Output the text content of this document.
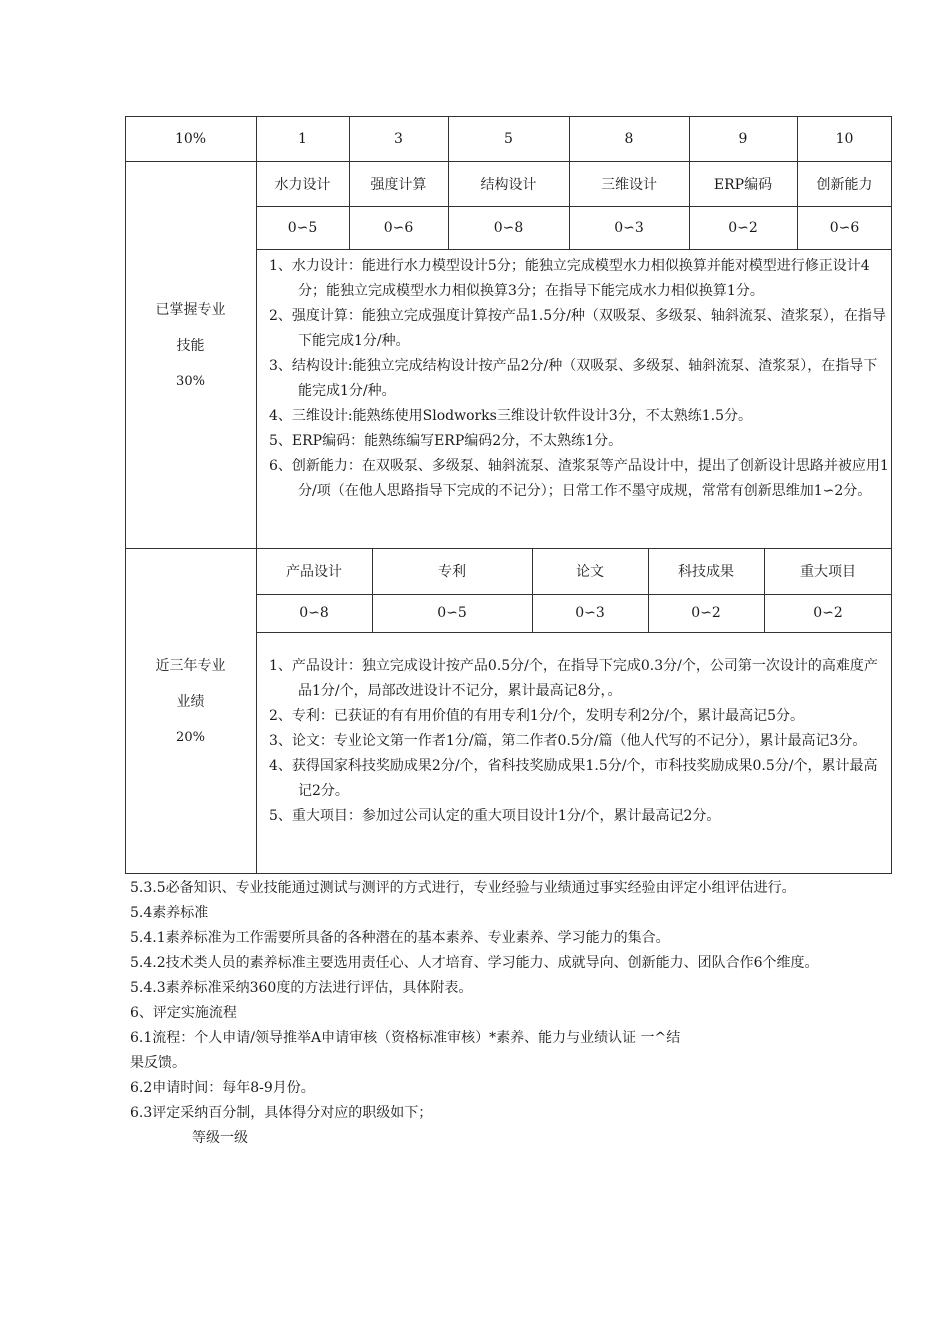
10%	1	3	5	8	9	10
已掌握专业
技能
30%
水力设计	强度计算	结构设计	三维设计	ERP编码	创新能力
0∽5	0∽6	0∽8	0∽3	0∽2	0∽6
1、水力设计：能进行水力模型设计5分；能独立完成模型水力相似换算并能对模型进行修正设计4分；能独立完成模型水力相似换算3分；在指导下能完成水力相似换算1分。
2、强度计算：能独立完成强度计算按产品1.5分/种（双吸泵、多级泵、轴斜流泵、渣浆泵），在指导下能完成1分/种。
3、结构设计:能独立完成结构设计按产品2分/种（双吸泵、多级泵、轴斜流泵、渣浆泵），在指导下能完成1分/种。
4、三维设计:能熟练使用Slodworks三维设计软件设计3分，不太熟练1.5分。
5、ERP编码：能熟练编写ERP编码2分，不太熟练1分。
6、创新能力：在双吸泵、多级泵、轴斜流泵、渣浆泵等产品设计中，提出了创新设计思路并被应用1分/项（在他人思路指导下完成的不记分）；日常工作不墨守成规，常常有创新思维加1∽2分。
近三年专业
业绩
20%
产品设计	专利	论文	科技成果	重大项目
0∽8	0∽5	0∽3	0∽2	0∽2
1、产品设计：独立完成设计按产品0.5分/个，在指导下完成0.3分/个，公司第一次设计的高难度产品1分/个，局部改进设计不记分，累计最高记8分，。
2、专利：已获证的有有用价值的有用专利1分/个，发明专利2分/个，累计最高记5分。
3、论文：专业论文第一作者1分/篇，第二作者0.5分/篇（他人代写的不记分），累计最高记3分。
4、获得国家科技奖励成果2分/个，省科技奖励成果1.5分/个，市科技奖励成果0.5分/个，累计最高记2分。
5、重大项目：参加过公司认定的重大项目设计1分/个，累计最高记2分。

5.3.5必备知识、专业技能通过测试与测评的方式进行，专业经验与业绩通过事实经验由评定小组评估进行。

5.4素养标准

5.4.1素养标准为工作需要所具备的各种潜在的基本素养、专业素养、学习能力的集合。

5.4.2技术类人员的素养标准主要选用责任心、人才培育、学习能力、成就导向、创新能力、团队合作6个维度。

5.4.3素养标准采纳360度的方法进行评估，具体附表。

6、评定实施流程

6.1流程：个人申请/领导推举A申请审核（资格标准审核）*素养、能力与业绩认证 一^结

果反馈。

6.2申请时间：每年8-9月份。

6.3评定采纳百分制，具体得分对应的职级如下；

等级一级
